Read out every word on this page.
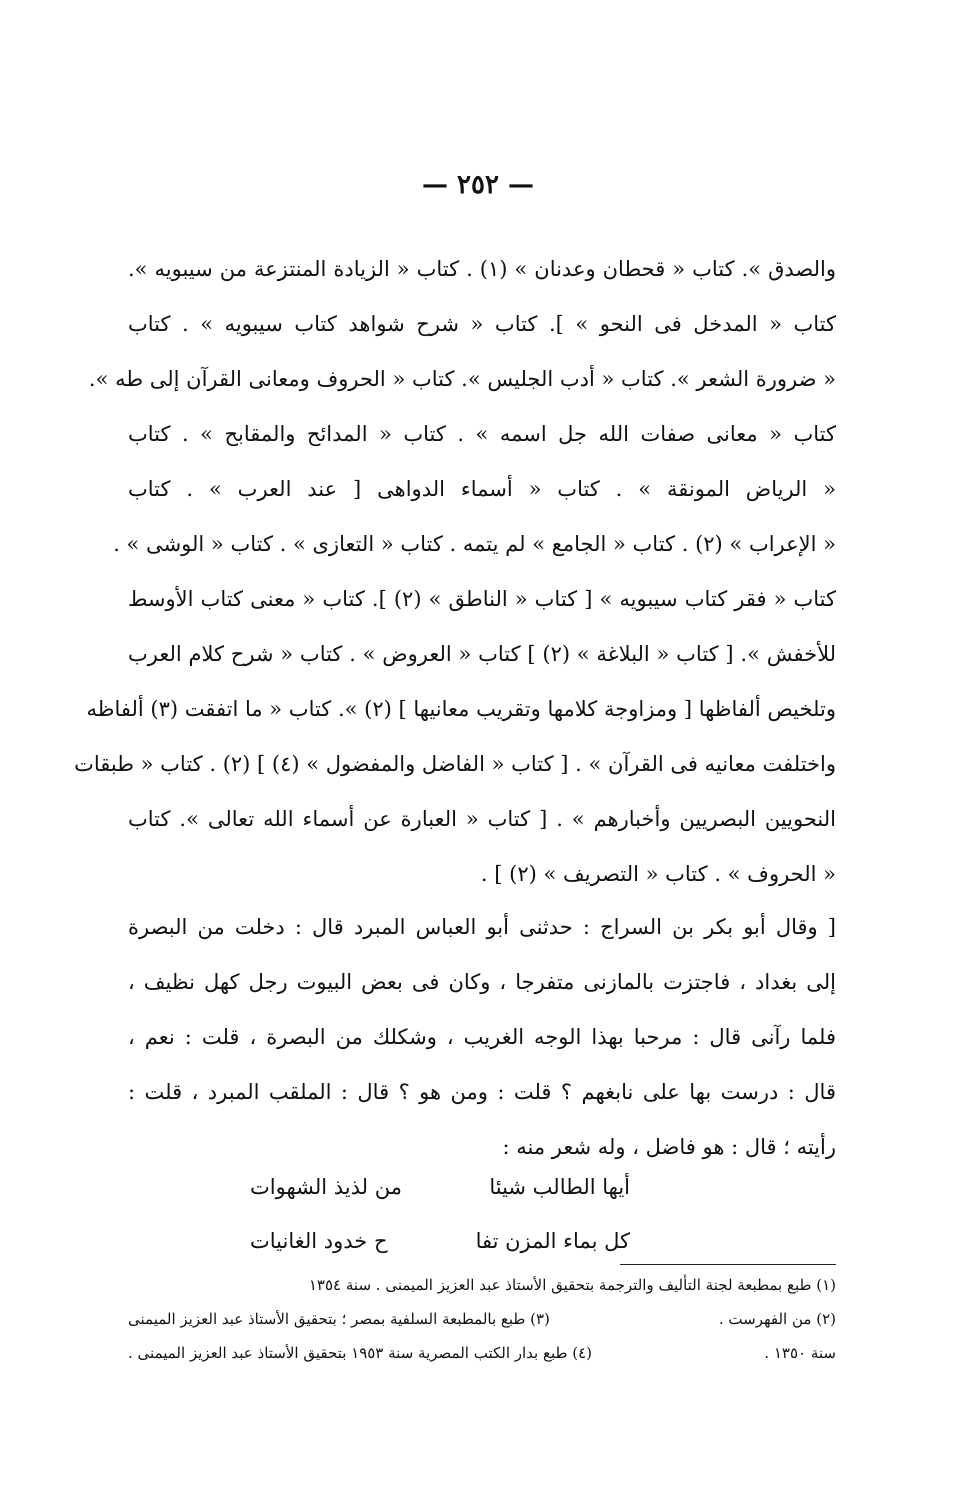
— ٢٥٢ —
والصدق ». كتاب « قحطان وعدنان » (١) . كتاب « الزيادة المنتزعة من سيبويه ».
كتاب « المدخل فى النحو » ]. كتاب « شرح شواهد كتاب سيبويه » . كتاب
« ضرورة الشعر ». كتاب « أدب الجليس ». كتاب « الحروف ومعانى القرآن إلى طه ».
كتاب « معانى صفات الله جل اسمه » . كتاب « المدائح والمقابح » . كتاب
« الرياض المونقة » . كتاب « أسماء الدواهى [ عند العرب » . كتاب
« الإعراب » (٢) . كتاب « الجامع » لم يتمه . كتاب « التعازى » . كتاب « الوشى » .
كتاب « فقر كتاب سيبويه » [ كتاب « الناطق » (٢) ]. كتاب « معنى كتاب الأوسط
للأخفش ». [ كتاب « البلاغة » (٢) ] كتاب « العروض » . كتاب « شرح كلام العرب
وتلخيص ألفاظها [ ومزاوجة كلامها وتقريب معانيها ] (٢) ». كتاب « ما اتفقت (٣) ألفاظه
واختلفت معانيه فى القرآن » . [ كتاب « الفاضل والمفضول » (٤) ] (٢) . كتاب « طبقات
النحويين البصريين وأخبارهم » . [ كتاب « العبارة عن أسماء الله تعالى ». كتاب
« الحروف » . كتاب « التصريف » (٢) ] .
[ وقال أبو بكر بن السراج : حدثنى أبو العباس المبرد قال : دخلت من البصرة
إلى بغداد ، فاجتزت بالمازنى متفرجا ، وكان فى بعض البيوت رجل كهل نظيف ،
فلما رآنى قال : مرحبا بهذا الوجه الغريب ، وشكلك من البصرة ، قلت : نعم ،
قال : درست بها على نابغهم ؟ قلت : ومن هو ؟ قال : الملقب المبرد ، قلت :
رأيته ؛ قال : هو فاضل ، وله شعر منه :
أيها الطالب شيئا
من لذيذ الشهوات
كل بماء المزن تفا
ح خدود الغانيات
(١) طبع بمطبعة لجنة التأليف والترجمة بتحقيق الأستاذ عبد العزيز الميمنى . سنة ١٣٥٤
(٢) من الفهرست .
(٣) طبع بالمطبعة السلفية بمصر ؛ بتحقيق الأستاذ عبد العزيز الميمنى
سنة ١٣٥٠ .
(٤) طبع بدار الكتب المصرية سنة ١٩٥٣ بتحقيق الأستاذ عبد العزيز الميمنى .
